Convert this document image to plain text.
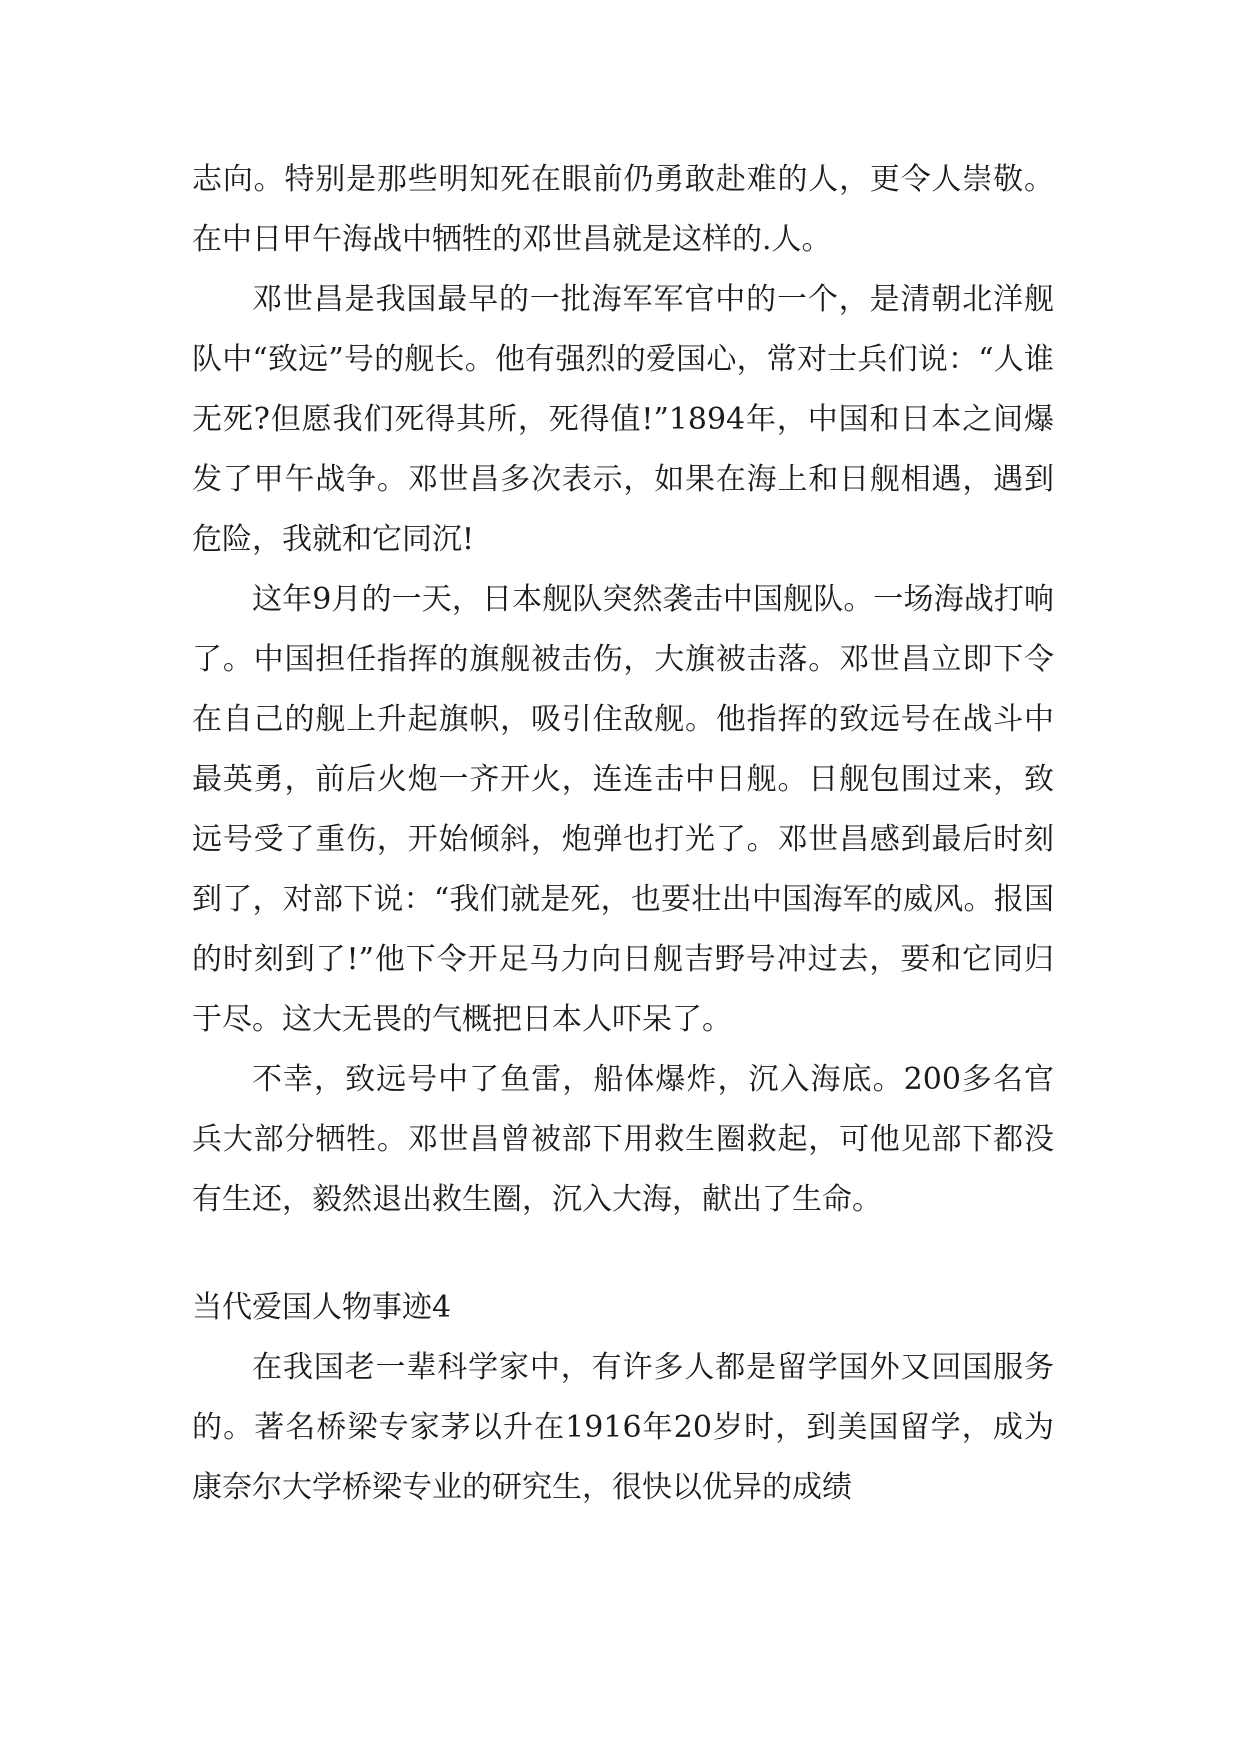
志向。特别是那些明知死在眼前仍勇敢赴难的人，更令人崇敬。在中日甲午海战中牺牲的邓世昌就是这样的.人。

邓世昌是我国最早的一批海军军官中的一个，是清朝北洋舰队中“致远”号的舰长。他有强烈的爱国心，常对士兵们说：“人谁无死?但愿我们死得其所，死得值!”1894年，中国和日本之间爆发了甲午战争。邓世昌多次表示，如果在海上和日舰相遇，遇到危险，我就和它同沉!

这年9月的一天，日本舰队突然袭击中国舰队。一场海战打响了。中国担任指挥的旗舰被击伤，大旗被击落。邓世昌立即下令在自己的舰上升起旗帜，吸引住敌舰。他指挥的致远号在战斗中最英勇，前后火炮一齐开火，连连击中日舰。日舰包围过来，致远号受了重伤，开始倾斜，炮弹也打光了。邓世昌感到最后时刻到了，对部下说：“我们就是死，也要壮出中国海军的威风。报国的时刻到了!”他下令开足马力向日舰吉野号冲过去，要和它同归于尽。这大无畏的气概把日本人吓呆了。

不幸，致远号中了鱼雷，船体爆炸，沉入海底。200多名官兵大部分牺牲。邓世昌曾被部下用救生圈救起，可他见部下都没有生还，毅然退出救生圈，沉入大海，献出了生命。

当代爱国人物事迹4

在我国老一辈科学家中，有许多人都是留学国外又回国服务的。著名桥梁专家茅以升在1916年20岁时，到美国留学，成为康奈尔大学桥梁专业的研究生，很快以优异的成绩
